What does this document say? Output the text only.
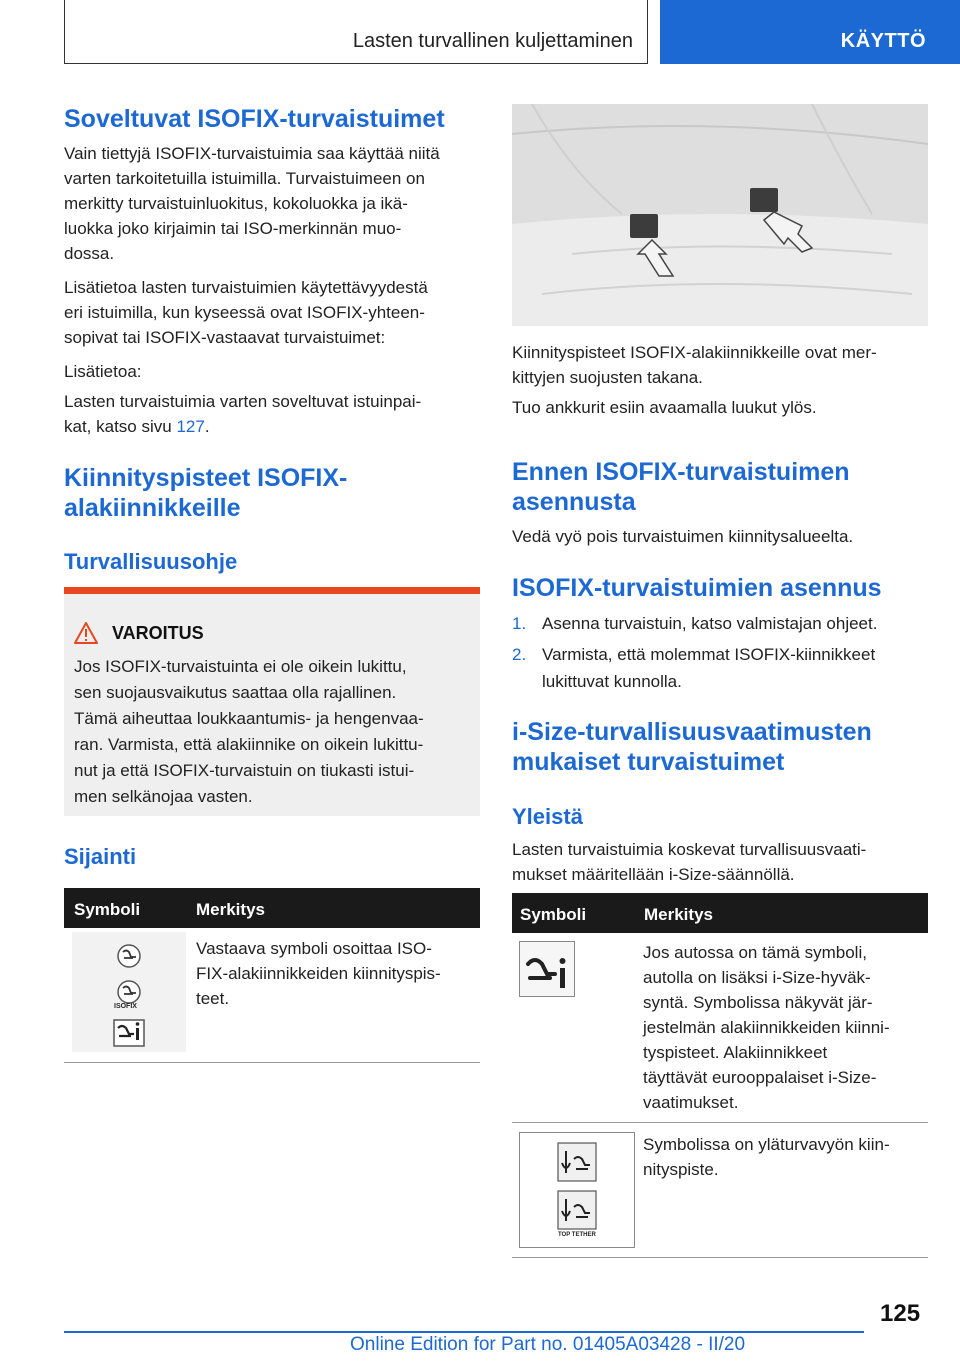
Lasten turvallinen kuljettaminen	KÄYTTÖ
Soveltuvat ISOFIX-turvaistuimet
Vain tiettyjä ISOFIX-turvaistuimia saa käyttää niitä
varten tarkoitetuilla istuimilla. Turvaistuimeen on
merkitty turvaistuinluokitus, kokoluokka ja ikä-
luokka joko kirjaimin tai ISO-merkinnän muo-
dossa.
Lisätietoa lasten turvaistuimien käytettävyydestä
eri istuimilla, kun kyseessä ovat ISOFIX-yhteen-
sopivat tai ISOFIX-vastaavat turvaistuimet:
Lisätietoa:
Lasten turvaistuimia varten soveltuvat istuinpai-
kat, katso sivu 127.
Kiinnityspisteet ISOFIX-
alakiinnikkeille
Turvallisuusohje
VAROITUS
Jos ISOFIX-turvaistuinta ei ole oikein lukittu,
sen suojausvaikutus saattaa olla rajallinen.
Tämä aiheuttaa loukkaantumis- ja hengenvaa-
ran. Varmista, että alakiinnike on oikein lukittu-
nut ja että ISOFIX-turvaistuin on tiukasti istui-
men selkänojaa vasten.
Sijainti
Symboli	Merkitys
ISOFIX
Vastaava symboli osoittaa ISO-
FIX-alakiinnikkeiden kiinnityspis-
teet.
Kiinnityspisteet ISOFIX-alakiinnikkeille ovat mer-
kittyjen suojusten takana.
Tuo ankkurit esiin avaamalla luukut ylös.
Ennen ISOFIX-turvaistuimen
asennusta
Vedä vyö pois turvaistuimen kiinnitysalueelta.
ISOFIX-turvaistuimien asennus
1. Asenna turvaistuin, katso valmistajan ohjeet.
2. Varmista, että molemmat ISOFIX-kiinnikkeet
lukittuvat kunnolla.
i-Size-turvallisuusvaatimusten
mukaiset turvaistuimet
Yleistä
Lasten turvaistuimia koskevat turvallisuusvaati-
mukset määritellään i-Size-säännöllä.
Symboli	Merkitys
Jos autossa on tämä symboli,
autolla on lisäksi i-Size-hyväk-
syntä. Symbolissa näkyvät jär-
jestelmän alakiinnikkeiden kiinni-
tyspisteet. Alakiinnikkeet
täyttävät eurooppalaiset i-Size-
vaatimukset.
TOP TETHER
Symbolissa on yläturvavyön kiin-
nityspiste.
125
Online Edition for Part no. 01405A03428 - II/20
